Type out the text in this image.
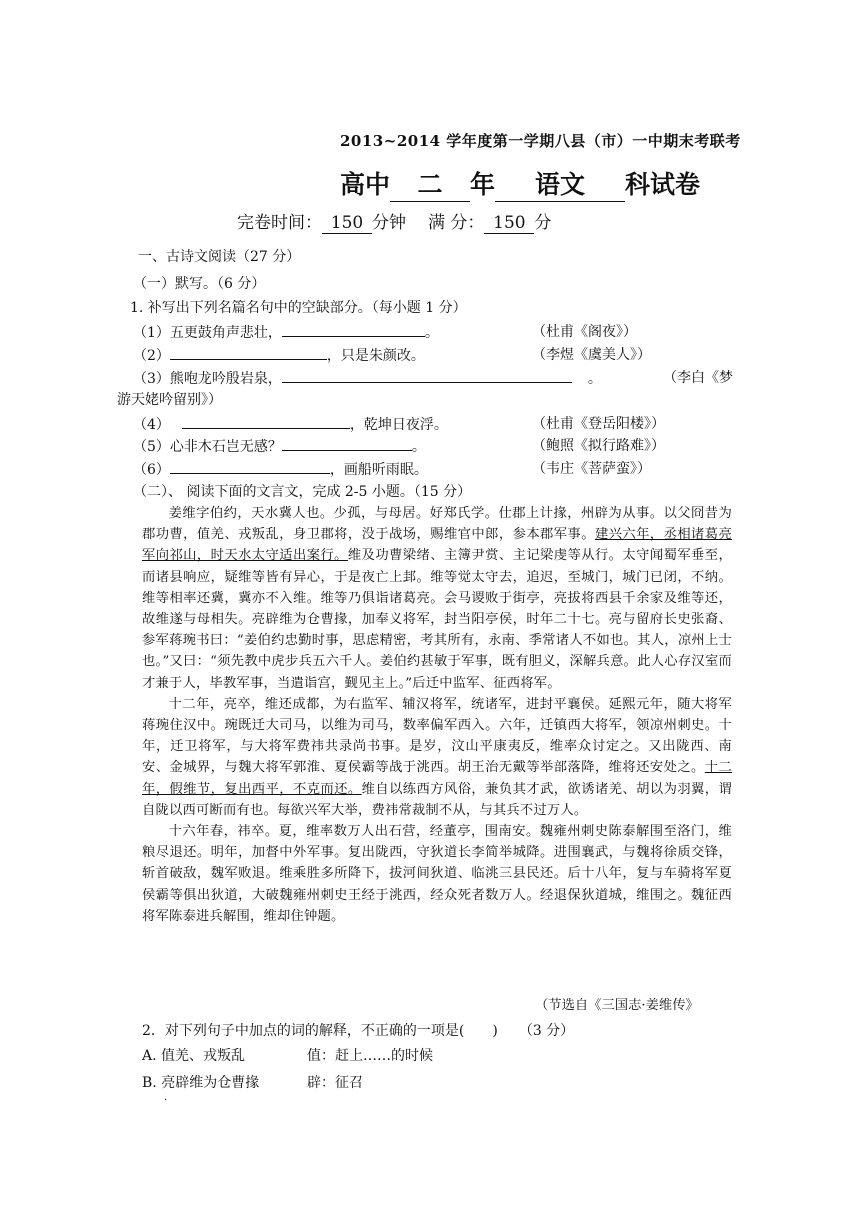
2013~2014 学年度第一学期八县（市）一中期末考联考
高中 二 年 语文 科试卷
完卷时间： 150 分钟 满 分： 150 分
一、古诗文阅读（27 分）
（一）默写。（6 分）
1. 补写出下列名篇名句中的空缺部分。（每小题 1 分）
（1）五更鼓角声悲壮，	。	（杜甫《阁夜》）
（2）	，只是朱颜改。	（李煜《虞美人》）
（3）熊咆龙吟殷岩泉，	。	（李白《梦
游天姥吟留别》）
（4）	，乾坤日夜浮。	（杜甫《登岳阳楼》）
（5）心非木石岂无感？	。	（鲍照《拟行路难》）
（6）	，画船听雨眠。	（韦庄《菩萨蛮》）
（二）、 阅读下面的文言文，完成 2-5 小题。（15 分）

姜维字伯约，天水冀人也。少孤，与母居。好郑氏学。仕郡上计掾，州辟为从事。以父冏昔为郡功曹，值羌、戎叛乱，身卫郡将，没于战场，赐维官中郎，参本郡军事。建兴六年，丞相诸葛亮军向祁山，时天水太守适出案行。维及功曹梁绪、主簿尹赏、主记梁虔等从行。太守闻蜀军垂至，而诸县响应，疑维等皆有异心，于是夜亡上邽。维等觉太守去，追迟，至城门，城门已闭，不纳。维等相率还冀，冀亦不入维。维等乃俱诣诸葛亮。会马谡败于街亭，亮拔将西县千余家及维等还，故维遂与母相失。亮辟维为仓曹掾，加奉义将军，封当阳亭侯，时年二十七。亮与留府长史张裔、参军蒋琬书曰：“姜伯约忠勤时事，思虑精密，考其所有，永南、季常诸人不如也。其人，凉州上士也。”又曰：“须先教中虎步兵五六千人。姜伯约甚敏于军事，既有胆义，深解兵意。此人心存汉室而才兼于人，毕教军事，当遣诣宫，觐见主上。”后迁中监军、征西将军。

十二年，亮卒，维还成都，为右监军、辅汉将军，统诸军，进封平襄侯。延熙元年，随大将军蒋琬住汉中。琬既迁大司马，以维为司马，数率偏军西入。六年，迁镇西大将军，领凉州刺史。十年，迁卫将军，与大将军费祎共录尚书事。是岁，汶山平康夷反，维率众讨定之。又出陇西、南安、金城界，与魏大将军郭淮、夏侯霸等战于洮西。胡王治无戴等举部落降，维将还安处之。十二年，假维节，复出西平，不克而还。维自以练西方风俗，兼负其才武，欲诱诸羌、胡以为羽翼，谓自陇以西可断而有也。每欲兴军大举，费祎常裁制不从，与其兵不过万人。

十六年春，祎卒。夏，维率数万人出石营，经董亭，围南安。魏雍州刺史陈泰解围至洛门，维粮尽退还。明年，加督中外军事。复出陇西，守狄道长李简举城降。进围襄武，与魏将徐质交锋，斩首破敌，魏军败退。维乘胜多所降下，拔河间狄道、临洮三县民还。后十八年，复与车骑将军夏侯霸等俱出狄道，大破魏雍州刺史王经于洮西，经众死者数万人。经退保狄道城，维围之。魏征西将军陈泰进兵解围，维却住钟题。

（节选自《三国志·姜维传》
2．对下列句子中加点的词的解释，不正确的一项是(　　)　　（3 分）
A. 值羌、戎叛乱	值：赶上……的时候
B. 亮辟维为仓曹掾	辟：征召
·
